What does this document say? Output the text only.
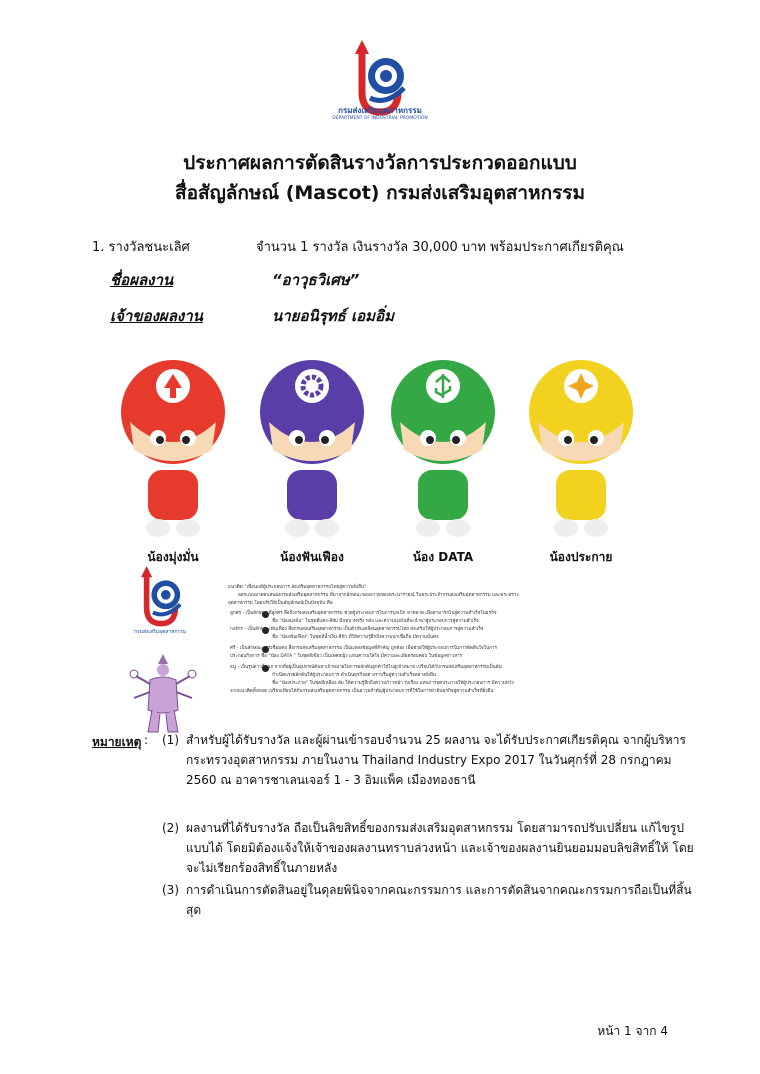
กรมส่งเสริมอุตสาหกรรม
DEPARTMENT OF INDUSTRIAL PROMOTION
ประกาศผลการตัดสินรางวัลการประกวดออกแบบ
สื่อสัญลักษณ์ (Mascot) กรมส่งเสริมอุตสาหกรรม
1. รางวัลชนะเลิศ	จำนวน 1 รางวัล เงินรางวัล 30,000 บาท พร้อมประกาศเกียรติคุณ
ชื่อผลงาน	“อาวุธวิเศษ”
เจ้าของผลงาน	นายอนิรุทธ์ เอมอิ่ม
น้องมุ่งมั่น	น้องฟันเฟือง	น้อง DATA	น้องประกาย
กรมส่งเสริมอุตสาหกรรม
แนวคิด “เพื่อนแท้ผู้ประกอบการ ส่งเสริมอุตสาหกรรมไทยสู่ความยั่งยืน”
ออกแบบมาตอบสนองกรมส่งเสริมอุตสาหกรรม ที่มาจากลักษณะของอาวุธของพระนารายณ์ ในพระประจำกรมส่งเสริมอุตสาหกรรม และพระทรวง
อุตสาหกรรม โดยปรับให้เป็นสัญลักษณ์เป็นปัจจุบัน คือ
ลูกศร - เป็นลักษณะที่ลูกศร สื่อถึงกรมส่งเสริมอุตสาหกรรม ช่วยผู้ประกอบการในการบุกเบิก หาตลาด เพื่อสามารถไปสู่ความสำเร็จในธุรกิจ
ชื่อ “น้องมุ่งมั่น” ในชุดสีแดง-สีส้ม มีบทบาทจริง หลัง และความมุ่งมั่นที่จะนำพาผู้ประกอบการสู่ความสำเร็จ
กงจักร - เป็นลักษณะฟันเฟือง สื่อกรมส่งเสริมอุตสาหกรรม เป็นตัวขับเคลื่อนอุตสาหกรรมไทย ส่งเสริมให้ผู้ประกอบการสู่ความสำเร็จ
ชื่อ “น้องฟันเฟือง” ในชุดสีน้ำเงิน-สีฟ้า ที่ให้ความรู้สึกถึงความน่าเชื่อถือ มีความมั่นคง
ศรี - เป็นลักษณะการเชื่อมต่อ สื่อกรมส่งเสริมอุตสาหกรรม เป็นแหล่งข้อมูลที่สำคัญ ถูกต้อง เพื่อช่วยให้ผู้ประกอบการในการตัดสินใจในการ
ประกอบกิจการ ชื่อ “น้อง DATA ” ในชุดสีเขียว เป็นเพศหญิง แทนความใส่ใจ มีความละเอียดรอบคอบ ในข้อมูลข่าวสาร
ธนู - เป็นรูปดาวสี่แฉก จากที่อยู่เป็นอุปกรณ์ค้นหาเป้าหมายในการผลักดันลูกค้าให้ไปสู่เป้าหมาย เปรียบได้กับกรมส่งเสริมอุตสาหกรรมเป็นต้น
กำเนิดแรงผลักดันให้ผู้ประกอบการ ดำเนินธุรกิจอย่างราบรื่นสู่ความสำเร็จอย่างยั่งยืน
ชื่อ “น้องประกาย” ในชุดสีเหลือง-ส้ม ให้ความรู้สึกถึงความก้าวหน้า รุ่งเรือง แทนการจุดประกายให้ผู้ประกอบการ มีความหวัง
จากแนวคิดทั้งหมด เปรียบเทียบได้กับกรมส่งเสริมอุตสาหกรรม เป็นอาวุธสำคัญผู้ประกอบการที่ใช้ในการฝ่าฟันธุรกิจสู่ความสำเร็จที่ยั่งยืน
หมายเหตุ : (1) สำหรับผู้ได้รับรางวัล และผู้ผ่านเข้ารอบจำนวน 25 ผลงาน จะได้รับประกาศเกียรติคุณ จากผู้บริหารกระทรวงอุตสาหกรรม ภายในงาน Thailand Industry Expo 2017 ในวันศุกร์ที่ 28 กรกฎาคม 2560 ณ อาคารชาเลนเจอร์ 1 - 3 อิมแพ็ค เมืองทองธานี
(2) ผลงานที่ได้รับรางวัล ถือเป็นลิขสิทธิ์ของกรมส่งเสริมอุตสาหกรรม โดยสามารถปรับเปลี่ยน แก้ไขรูปแบบได้ โดยมิต้องแจ้งให้เจ้าของผลงานทราบล่วงหน้า และเจ้าของผลงานยินยอมมอบลิขสิทธิ์ให้ โดยจะไม่เรียกร้องสิทธิ์ในภายหลัง
(3) การดำเนินการตัดสินอยู่ในดุลยพินิจจากคณะกรรมการ และการตัดสินจากคณะกรรมการถือเป็นที่สิ้นสุด
หน้า 1 จาก 4
